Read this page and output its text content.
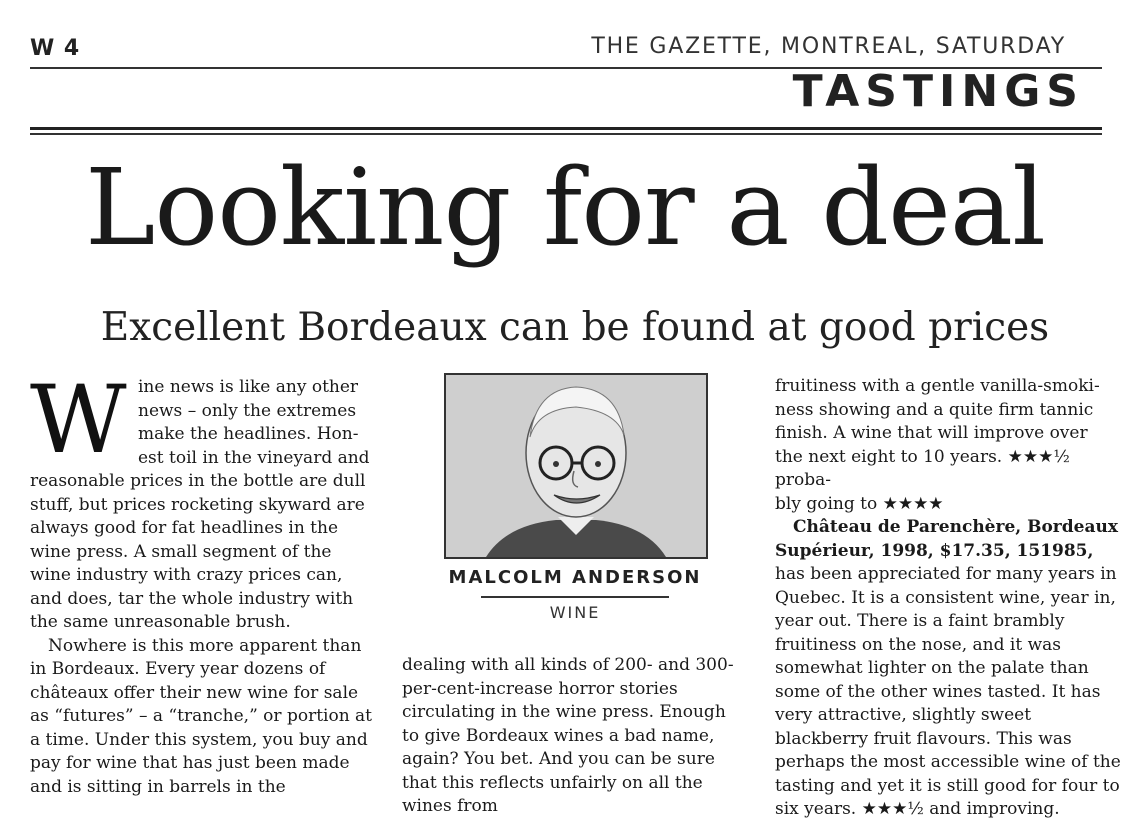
W 4	THE GAZETTE, MONTREAL, SATURDAY
TASTINGS
Looking for a deal
Excellent Bordeaux can be found at good prices
W ine news is like any other
news – only the extremes
make the headlines. Hon-
est toil in the vineyard and

reasonable prices in the bottle are dull stuff, but prices rocketing skyward are always good for fat headlines in the wine press. A small segment of the wine industry with crazy prices can, and does, tar the whole industry with the same unreasonable brush.

Nowhere is this more apparent than in Bordeaux. Every year dozens of châteaux offer their new wine for sale as “futures” – a “tranche,” or portion at a time. Under this system, you buy and pay for wine that has just been made and is sitting in barrels in the

MALCOLM ANDERSON
WINE

dealing with all kinds of 200- and 300-per-cent-increase horror stories circulating in the wine press. Enough to give Bordeaux wines a bad name, again? You bet. And you can be sure that this reflects unfairly on all the wines from

fruitiness with a gentle vanilla-smoki-
ness showing and a quite firm tannic
finish. A wine that will improve over
the next eight to 10 years. ★★★½ proba-
bly going to ★★★★

Château de Parenchère, Bordeaux Supérieur, 1998, $17.35, 151985, has been appreciated for many years in Quebec. It is a consistent wine, year in, year out. There is a faint brambly fruitiness on the nose, and it was somewhat lighter on the palate than some of the other wines tasted. It has very attractive, slightly sweet blackberry fruit flavours. This was perhaps the most accessible wine of the tasting and yet it is still good for four to six years. ★★★½ and improving.
